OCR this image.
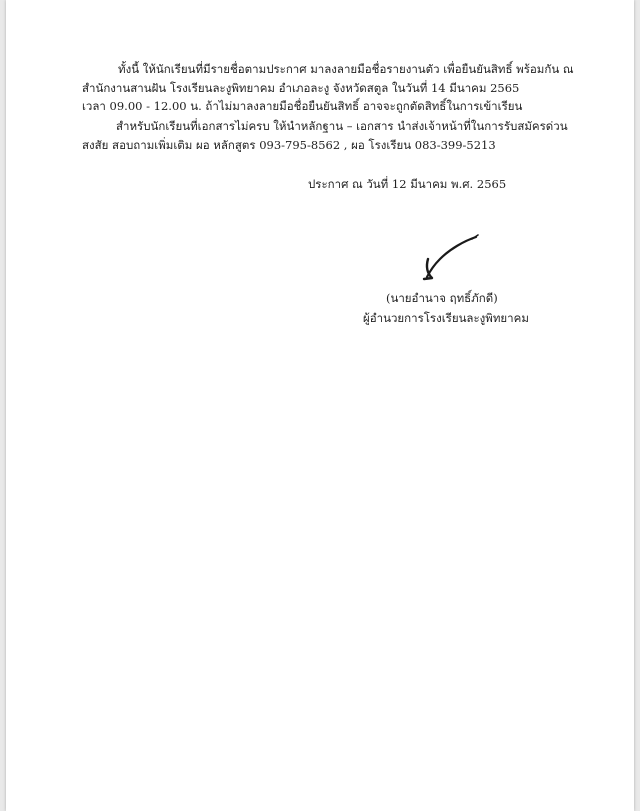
ทั้งนี้ ให้นักเรียนที่มีรายชื่อตามประกาศ มาลงลายมือชื่อรายงานตัว เพื่อยืนยันสิทธิ์ พร้อมกัน ณ
สำนักงานสานฝัน โรงเรียนละงูพิทยาคม อำเภอละงู จังหวัดสตูล ในวันที่ 14 มีนาคม 2565
เวลา 09.00 - 12.00 น. ถ้าไม่มาลงลายมือชื่อยืนยันสิทธิ์ อาจจะถูกตัดสิทธิ์ในการเข้าเรียน
สำหรับนักเรียนที่เอกสารไม่ครบ ให้นำหลักฐาน – เอกสาร นำส่งเจ้าหน้าที่ในการรับสมัครด่วน
สงสัย สอบถามเพิ่มเติม ผอ หลักสูตร 093-795-8562 , ผอ โรงเรียน 083-399-5213
ประกาศ ณ วันที่ 12 มีนาคม พ.ศ. 2565
(นายอำนาจ ฤทธิ์ภักดี)
ผู้อำนวยการโรงเรียนละงูพิทยาคม
